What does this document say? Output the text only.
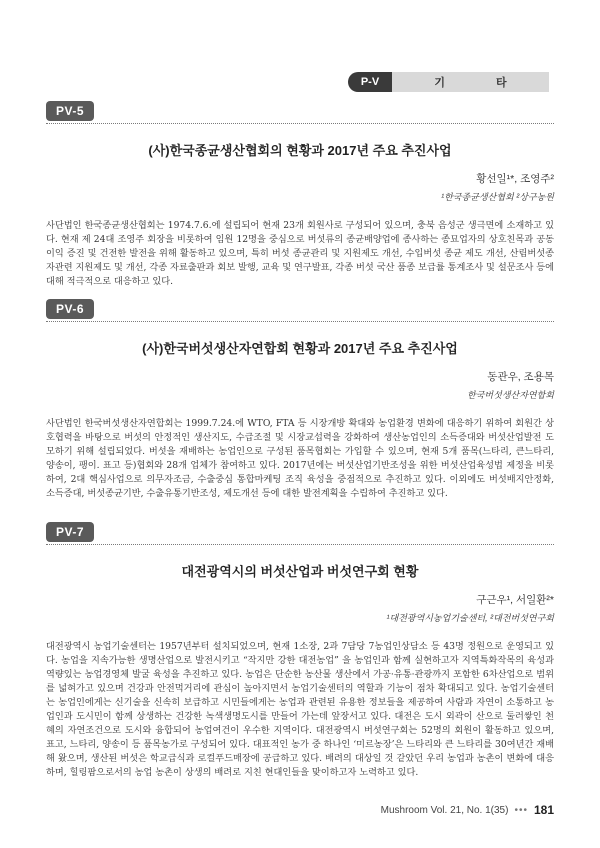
P-V	기 타
PV-5
(사)한국종균생산협회의 현황과 2017년 주요 추진사업
황선일¹*, 조영주²
¹한국종균생산협회 ²상구농원
사단법인 한국종균생산협회는 1974.7.6.에 설립되어 현재 23개 회원사로 구성되어 있으며, 충북 음성군 생극면에 소재하고 있다. 현재 제 24대 조영주 회장을 비롯하여 임원 12명을 중심으로 버섯류의 종균배양업에 종사하는 종묘업자의 상호친목과 공동이익 증진 및 건전한 발전을 위해 활동하고 있으며, 특히 버섯 종균관리 및 지원제도 개선, 수입버섯 종균 제도 개선, 산림버섯종자관련 지원제도 및 개선, 각종 자료출판과 회보 발행, 교육 및 연구발표, 각종 버섯 국산 품종 보급률 통계조사 및 설문조사 등에 대해 적극적으로 대응하고 있다.
PV-6
(사)한국버섯생산자연합회 현황과 2017년 주요 추진사업
동관우, 조용목
한국버섯생산자연합회
사단법인 한국버섯생산자연합회는 1999.7.24.에 WTO, FTA 등 시장개방 확대와 농업환경 변화에 대응하기 위하여 회원간 상호협력을 바탕으로 버섯의 안정적인 생산지도, 수급조절 및 시장교섭력을 강화하여 생산농업인의 소득증대와 버섯산업발전 도모하기 위해 설립되었다. 버섯을 재배하는 농업인으로 구성된 품목협회는 가입할 수 있으며, 현재 5개 품목(느타리, 큰느타리, 양송이, 팽이. 표고 등)협회와 28개 업체가 참여하고 있다. 2017년에는 버섯산업기반조성을 위한 버섯산업육성법 제정을 비롯하여, 2대 핵심사업으로 의무자조금, 수출중심 통합마케팅 조직 육성을 중점적으로 추진하고 있다. 이외에도 버섯배지안정화, 소득증대, 버섯종균기반, 수출유통기반조성, 제도개선 등에 대한 발전계획을 수립하여 추진하고 있다.
PV-7
대전광역시의 버섯산업과 버섯연구회 현황
구근우¹, 서일환²*
¹대전광역시농업기술센터, ²대전버섯연구회
대전광역시 농업기술센터는 1957년부터 설치되었으며, 현재 1소장, 2과 7담당 7농업인상담소 등 43명 정원으로 운영되고 있다. 농업을 지속가능한 생명산업으로 발전시키고 “작지만 강한 대전농업” 을 농업인과 함께 실현하고자 지역특화작목의 육성과 역량있는 농업경영체 발굴 육성을 추진하고 있다. 농업은 단순한 농산물 생산에서 가공·유통·관광까지 포함한 6차산업으로 범위를 넓혀가고 있으며 건강과 안전먹거리에 관심이 높아지면서 농업기술센터의 역할과 기능이 점차 확대되고 있다. 농업기술센터는 농업인에게는 신기술을 신속히 보급하고 시민들에게는 농업과 관련된 유용한 정보들을 제공하여 사람과 자연이 소통하고 농업인과 도시민이 함께 상생하는 건강한 녹색생명도시를 만들어 가는데 앞장서고 있다. 대전은 도시 외곽이 산으로 둘러쌓인 천혜의 자연조건으로 도시와 융합되어 농업여건이 우수한 지역이다. 대전광역시 버섯연구회는 52명의 회원이 활동하고 있으며, 표고, 느타리, 양송이 등 품목농가로 구성되어 있다. 대표적인 농가 중 하나인 ‘미르농장’은 느타리와 큰 느타리를 30여년간 재배해 왔으며, 생산된 버섯은 학교급식과 로컬푸드매장에 공급하고 있다. 배려의 대상일 것 같았던 우리 농업과 농촌이 변화에 대응하며, 힐링팜으로서의 농업 농촌이 상생의 배려로 지친 현대인들을 맞이하고자 노력하고 있다.
Mushroom Vol. 21, No. 1(35) ••• 181
